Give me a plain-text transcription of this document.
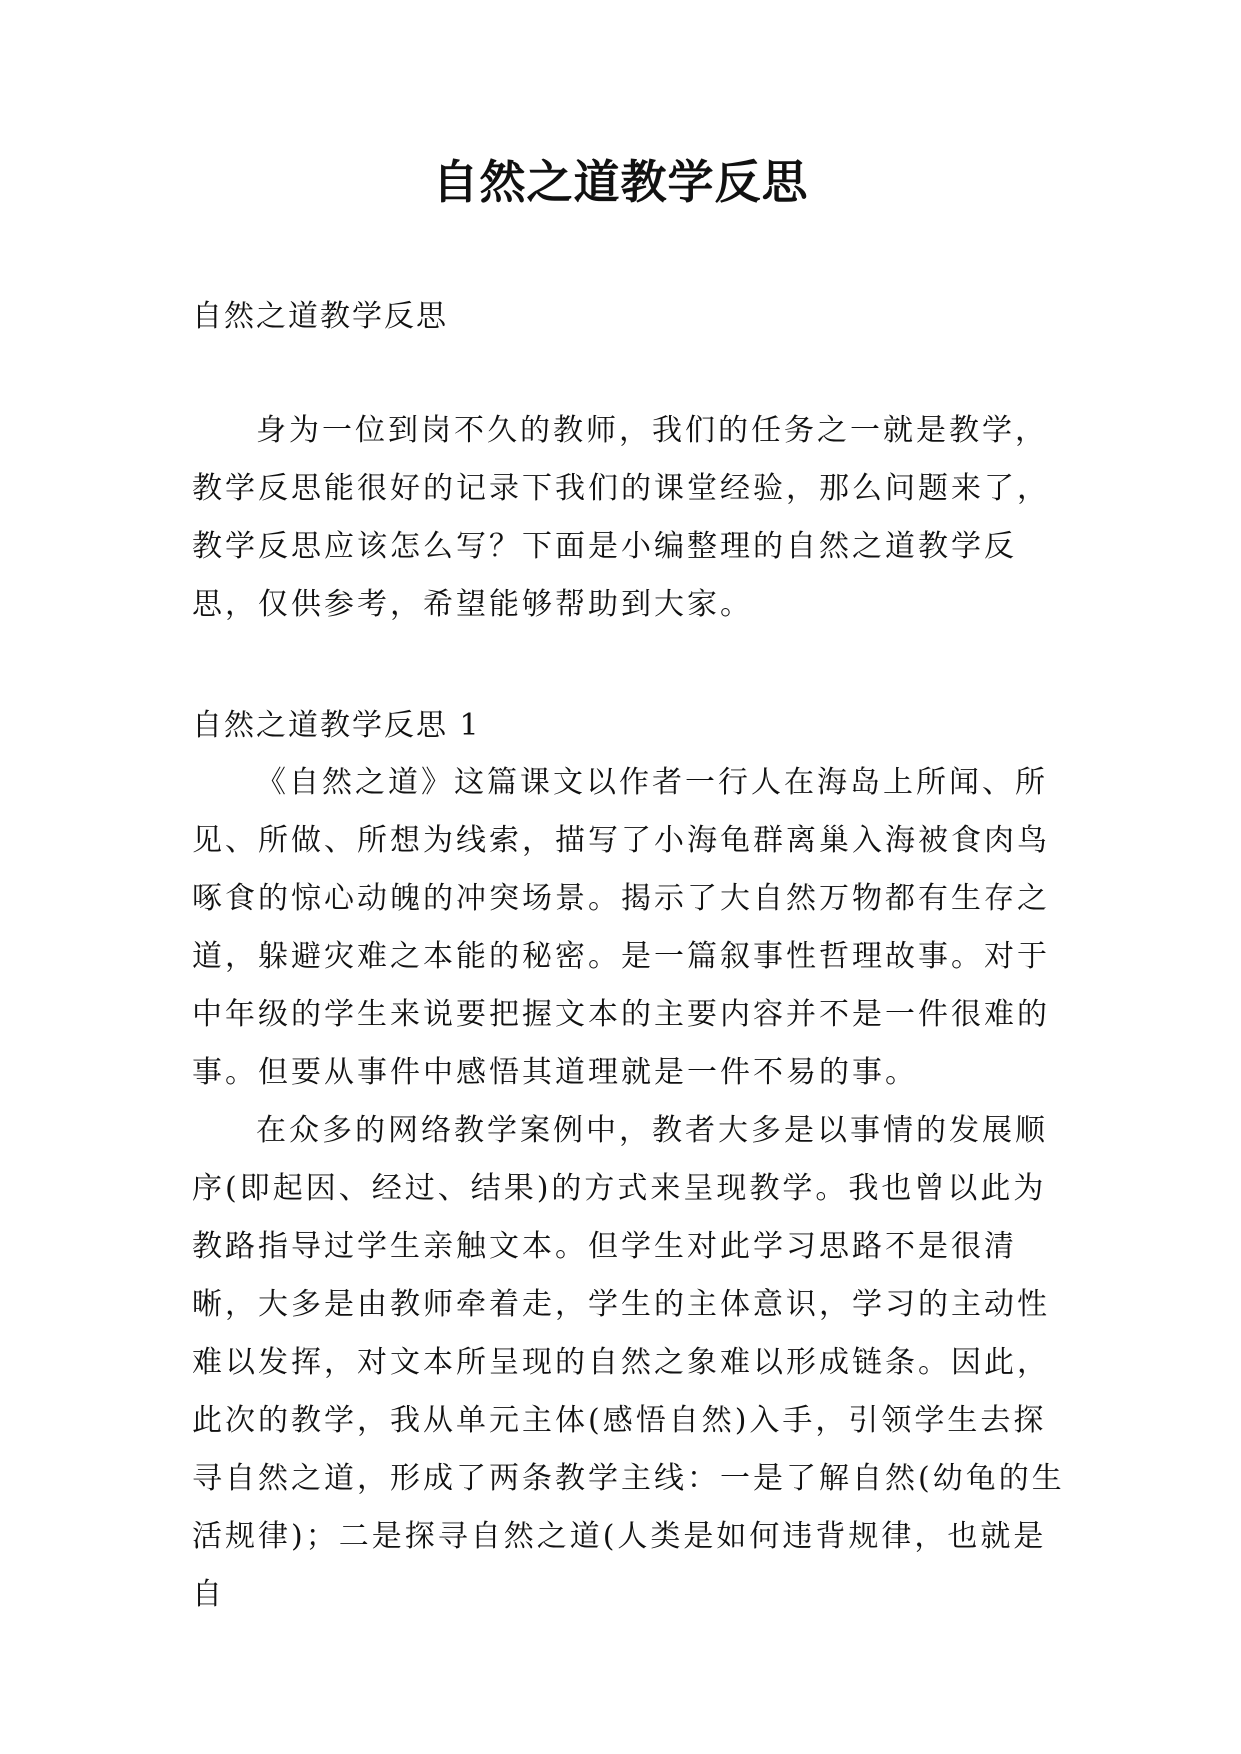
自然之道教学反思

自然之道教学反思

身为一位到岗不久的教师，我们的任务之一就是教学，教学反思能很好的记录下我们的课堂经验，那么问题来了，教学反思应该怎么写？下面是小编整理的自然之道教学反思，仅供参考，希望能够帮助到大家。

自然之道教学反思 1

《自然之道》这篇课文以作者一行人在海岛上所闻、所见、所做、所想为线索，描写了小海龟群离巢入海被食肉鸟啄食的惊心动魄的冲突场景。揭示了大自然万物都有生存之道，躲避灾难之本能的秘密。是一篇叙事性哲理故事。对于中年级的学生来说要把握文本的主要内容并不是一件很难的事。但要从事件中感悟其道理就是一件不易的事。

在众多的网络教学案例中，教者大多是以事情的发展顺序(即起因、经过、结果)的方式来呈现教学。我也曾以此为教路指导过学生亲触文本。但学生对此学习思路不是很清晰，大多是由教师牵着走，学生的主体意识，学习的主动性难以发挥，对文本所呈现的自然之象难以形成链条。因此，此次的教学，我从单元主体(感悟自然)入手，引领学生去探寻自然之道，形成了两条教学主线：一是了解自然(幼龟的生活规律)；二是探寻自然之道(人类是如何违背规律，也就是自
